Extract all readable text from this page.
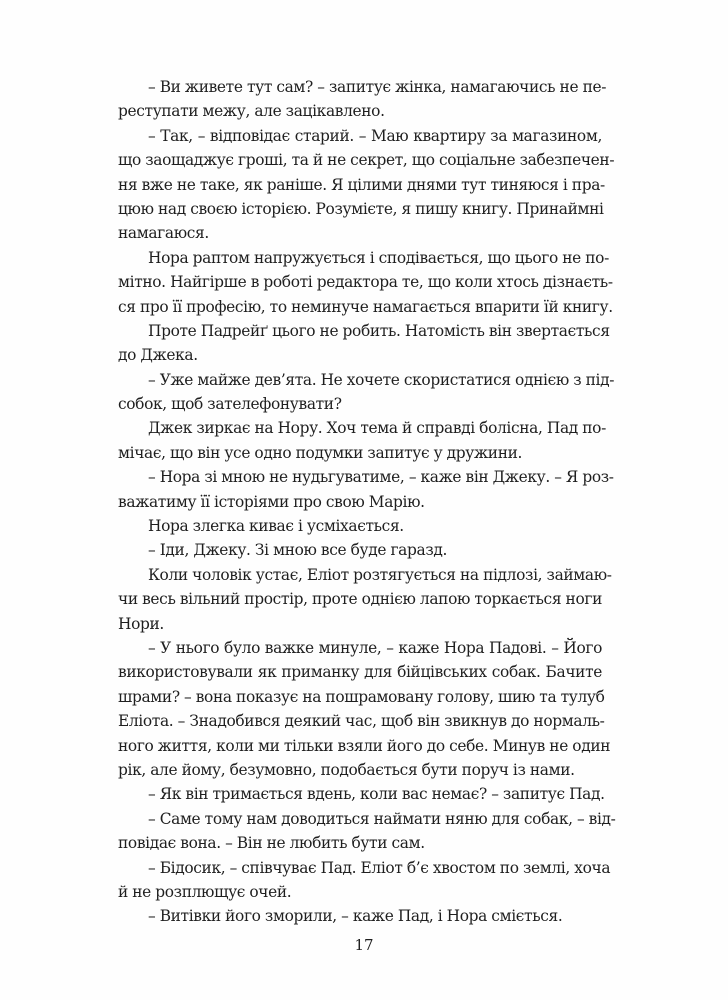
– Ви живете тут сам? – запитує жінка, намагаючись не пе-
реступати межу, але зацікавлено.
– Так, – відповідає старий. – Маю квартиру за магазином,
що заощаджує гроші, та й не секрет, що соціальне забезпечен-
ня вже не таке, як раніше. Я цілими днями тут тиняюся і пра-
цюю над своєю історією. Розумієте, я пишу книгу. Принаймні
намагаюся.
Нора раптом напружується і сподівається, що цього не по-
мітно. Найгірше в роботі редактора те, що коли хтось дізнаєть-
ся про її професію, то неминуче намагається впарити їй книгу.
Проте Падрейґ цього не робить. Натомість він звертається
до Джека.
– Уже майже дев’ята. Не хочете скористатися однією з під-
собок, щоб зателефонувати?
Джек зиркає на Нору. Хоч тема й справді болісна, Пад по-
мічає, що він усе одно подумки запитує у дружини.
– Нора зі мною не нудьгуватиме, – каже він Джеку. – Я роз-
важатиму її історіями про свою Марію.
Нора злегка киває і усміхається.
– Іди, Джеку. Зі мною все буде гаразд.
Коли чоловік устає, Еліот розтягується на підлозі, займаю-
чи весь вільний простір, проте однією лапою торкається ноги
Нори.
– У нього було важке минуле, – каже Нора Падові. – Його
використовували як приманку для бійцівських собак. Бачите
шрами? – вона показує на пошрамовану голову, шию та тулуб
Еліота. – Знадобився деякий час, щоб він звикнув до нормаль-
ного життя, коли ми тільки взяли його до себе. Минув не один
рік, але йому, безумовно, подобається бути поруч із нами.
– Як він тримається вдень, коли вас немає? – запитує Пад.
– Саме тому нам доводиться наймати няню для собак, – від-
повідає вона. – Він не любить бути сам.
– Бідосик, – співчуває Пад. Еліот б’є хвостом по землі, хоча
й не розплющує очей.
– Витівки його зморили, – каже Пад, і Нора сміється.
17
